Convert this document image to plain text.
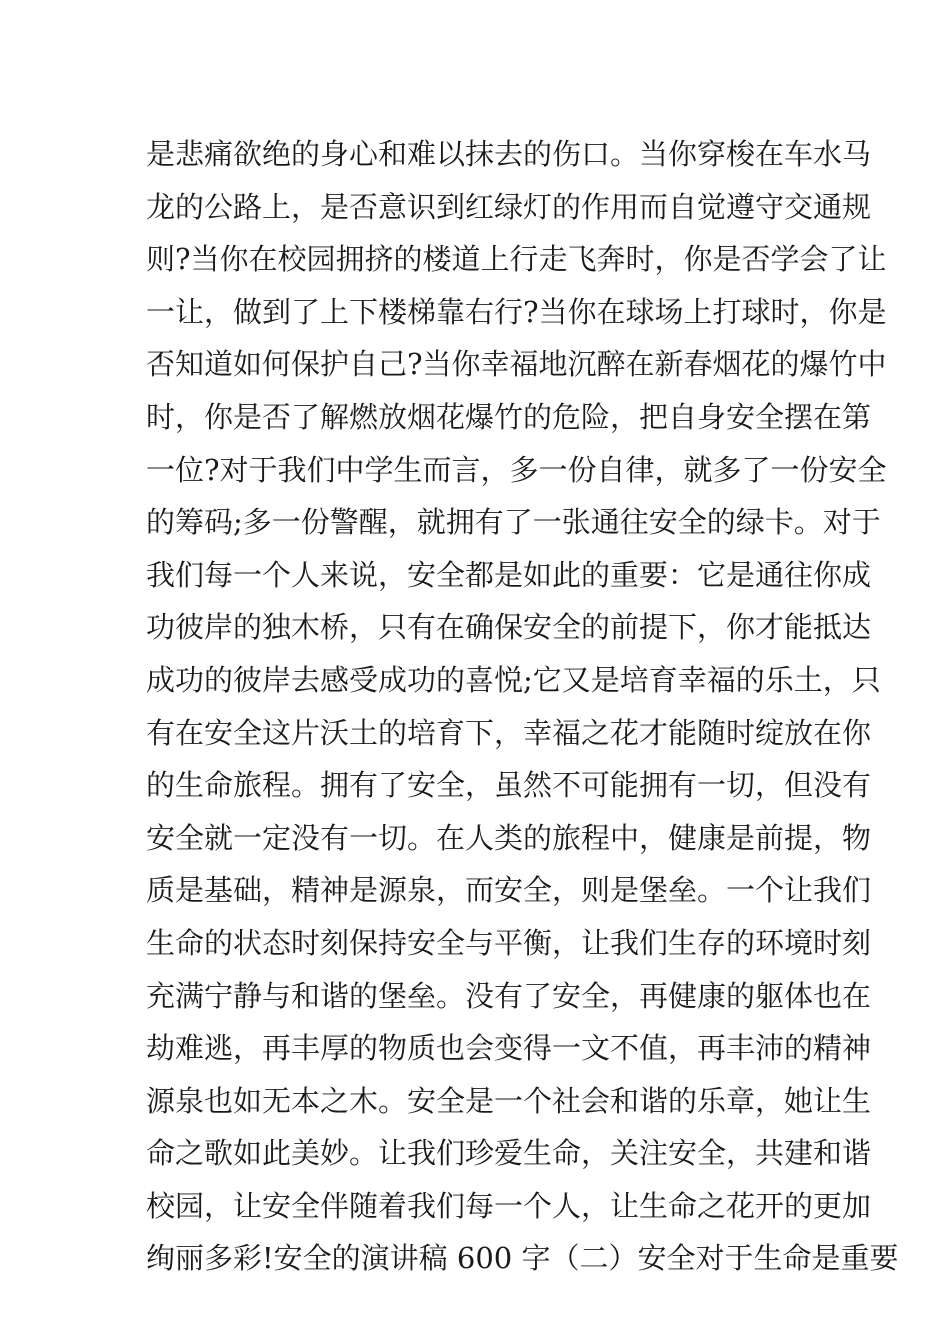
是悲痛欲绝的身心和难以抹去的伤口。当你穿梭在车水马
龙的公路上，是否意识到红绿灯的作用而自觉遵守交通规
则?当你在校园拥挤的楼道上行走飞奔时，你是否学会了让
一让，做到了上下楼梯靠右行?当你在球场上打球时，你是
否知道如何保护自己?当你幸福地沉醉在新春烟花的爆竹中
时，你是否了解燃放烟花爆竹的危险，把自身安全摆在第
一位?对于我们中学生而言，多一份自律，就多了一份安全
的筹码;多一份警醒，就拥有了一张通往安全的绿卡。对于
我们每一个人来说，安全都是如此的重要：它是通往你成
功彼岸的独木桥，只有在确保安全的前提下，你才能抵达
成功的彼岸去感受成功的喜悦;它又是培育幸福的乐土，只
有在安全这片沃土的培育下，幸福之花才能随时绽放在你
的生命旅程。拥有了安全，虽然不可能拥有一切，但没有
安全就一定没有一切。在人类的旅程中，健康是前提，物
质是基础，精神是源泉，而安全，则是堡垒。一个让我们
生命的状态时刻保持安全与平衡，让我们生存的环境时刻
充满宁静与和谐的堡垒。没有了安全，再健康的躯体也在
劫难逃，再丰厚的物质也会变得一文不值，再丰沛的精神
源泉也如无本之木。安全是一个社会和谐的乐章，她让生
命之歌如此美妙。让我们珍爱生命，关注安全，共建和谐
校园，让安全伴随着我们每一个人，让生命之花开的更加
绚丽多彩!安全的演讲稿 600 字（二）安全对于生命是重要
